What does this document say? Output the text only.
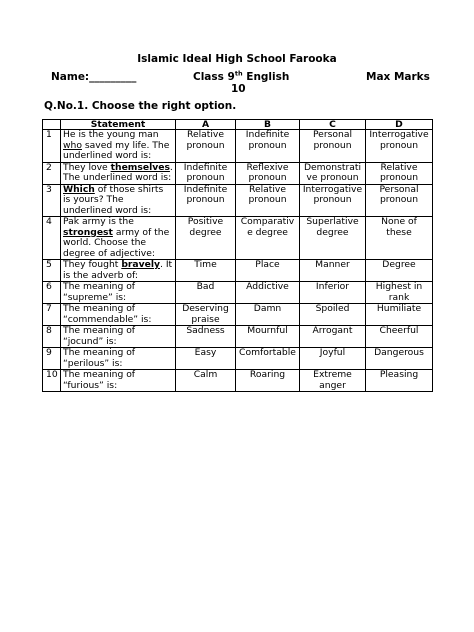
Islamic Ideal High School Farooka
Name:_________	Class 9th English	Max Marks
10
Q.No.1. Choose the right option.
	Statement	A	B	C	D
1	He is the young man who saved my life. The underlined word is:	Relative pronoun	Indefinite pronoun	Personal pronoun	Interrogative pronoun
2	They love themselves. The underlined word is:	Indefinite pronoun	Reflexive pronoun	Demonstrative pronoun	Relative pronoun
3	Which of those shirts is yours? The underlined word is:	Indefinite pronoun	Relative pronoun	Interrogative pronoun	Personal pronoun
4	Pak army is the strongest army of the world. Choose the degree of adjective:	Positive degree	Comparative degree	Superlative degree	None of these
5	They fought bravely. It is the adverb of:	Time	Place	Manner	Degree
6	The meaning of “supreme” is:	Bad	Addictive	Inferior	Highest in rank
7	The meaning of “commendable” is:	Deserving praise	Damn	Spoiled	Humiliate
8	The meaning of “jocund” is:	Sadness	Mournful	Arrogant	Cheerful
9	The meaning of “perilous” is:	Easy	Comfortable	Joyful	Dangerous
10	The meaning of “furious” is:	Calm	Roaring	Extreme anger	Pleasing
